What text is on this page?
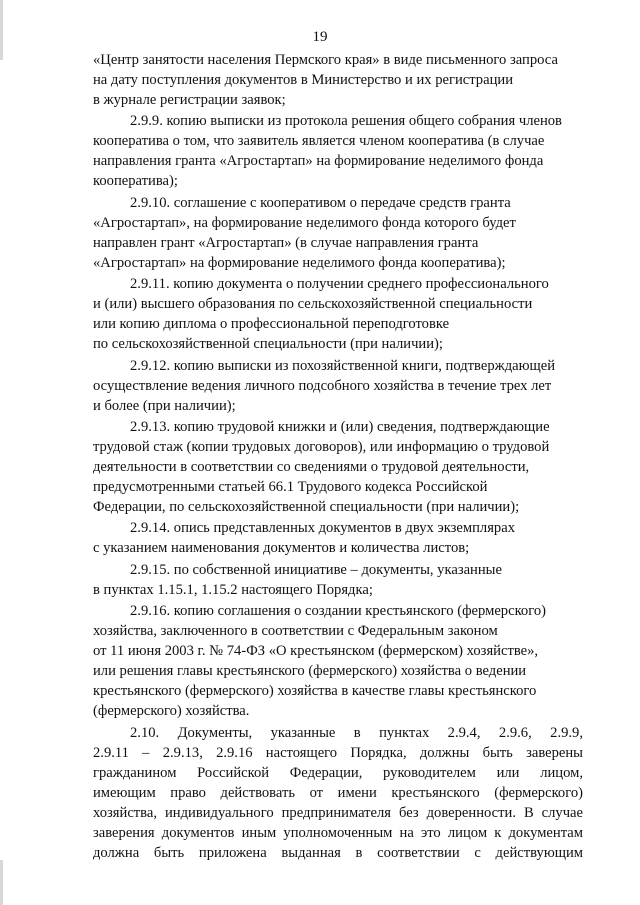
19

«Центр занятости населения Пермского края» в виде письменного запроса
на дату поступления документов в Министерство и их регистрации
в журнале регистрации заявок;

2.9.9. копию выписки из протокола решения общего собрания членов
кооператива о том, что заявитель является членом кооператива (в случае
направления гранта «Агростартап» на формирование неделимого фонда
кооператива);

2.9.10. соглашение с кооперативом о передаче средств гранта
«Агростартап», на формирование неделимого фонда которого будет
направлен грант «Агростартап» (в случае направления гранта
«Агростартап» на формирование неделимого фонда кооператива);

2.9.11. копию документа о получении среднего профессионального
и (или) высшего образования по сельскохозяйственной специальности
или копию диплома о профессиональной переподготовке
по сельскохозяйственной специальности (при наличии);

2.9.12. копию выписки из похозяйственной книги, подтверждающей
осуществление ведения личного подсобного хозяйства в течение трех лет
и более (при наличии);

2.9.13. копию трудовой книжки и (или) сведения, подтверждающие
трудовой стаж (копии трудовых договоров), или информацию о трудовой
деятельности в соответствии со сведениями о трудовой деятельности,
предусмотренными статьей 66.1 Трудового кодекса Российской
Федерации, по сельскохозяйственной специальности (при наличии);

2.9.14. опись представленных документов в двух экземплярах
с указанием наименования документов и количества листов;

2.9.15. по собственной инициативе – документы, указанные
в пунктах 1.15.1, 1.15.2 настоящего Порядка;

2.9.16. копию соглашения о создании крестьянского (фермерского)
хозяйства, заключенного в соответствии с Федеральным законом
от 11 июня 2003 г. № 74-ФЗ «О крестьянском (фермерском) хозяйстве»,
или решения главы крестьянского (фермерского) хозяйства о ведении
крестьянского (фермерского) хозяйства в качестве главы крестьянского
(фермерского) хозяйства.

2.10. Документы, указанные в пунктах 2.9.4, 2.9.6, 2.9.9,
2.9.11 – 2.9.13, 2.9.16 настоящего Порядка, должны быть заверены
гражданином Российской Федерации, руководителем или лицом,
имеющим право действовать от имени крестьянского (фермерского)
хозяйства, индивидуального предпринимателя без доверенности. В случае
заверения документов иным уполномоченным на это лицом к документам
должна быть приложена выданная в соответствии с действующим
